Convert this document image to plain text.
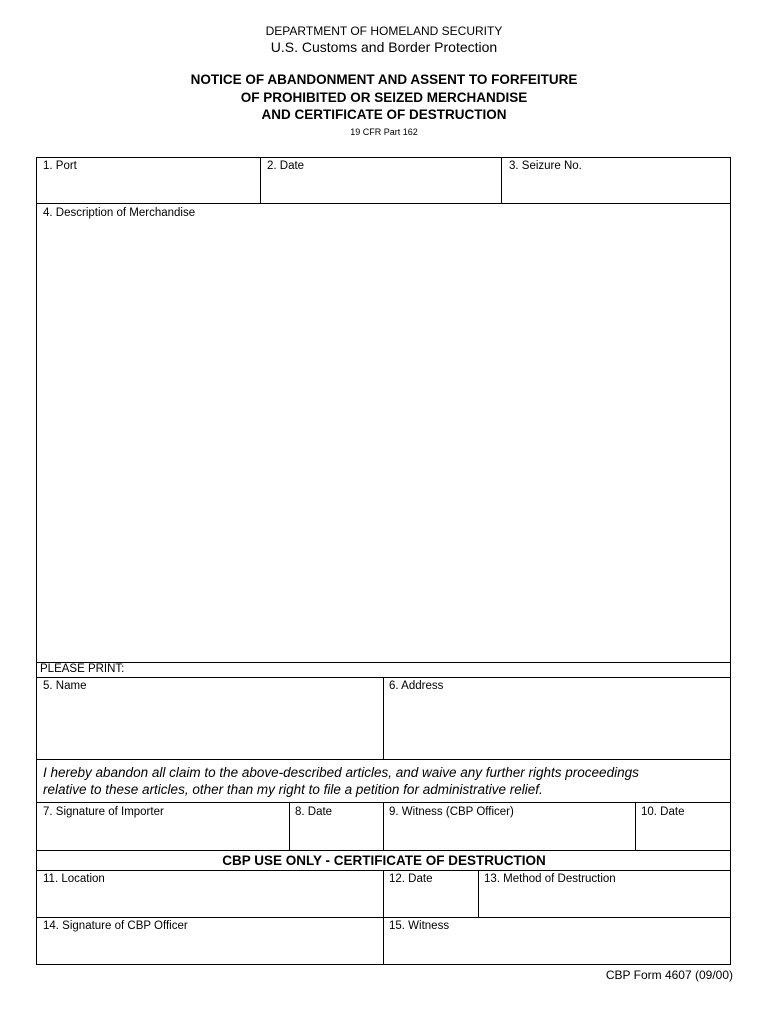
DEPARTMENT OF HOMELAND SECURITY
U.S. Customs and Border Protection
NOTICE OF ABANDONMENT AND ASSENT TO FORFEITURE
OF PROHIBITED OR SEIZED MERCHANDISE
AND CERTIFICATE OF DESTRUCTION
19 CFR Part 162
1. Port	2. Date	3. Seizure No.
4. Description of Merchandise
PLEASE PRINT:
5. Name	6. Address
I hereby abandon all claim to the above-described articles, and waive any further rights proceedings
relative to these articles, other than my right to file a petition for administrative relief.
7. Signature of Importer	8. Date	9. Witness (CBP Officer)	10. Date
CBP USE ONLY - CERTIFICATE OF DESTRUCTION
11. Location	12. Date	13. Method of Destruction
14. Signature of CBP Officer	15. Witness
CBP Form 4607 (09/00)
